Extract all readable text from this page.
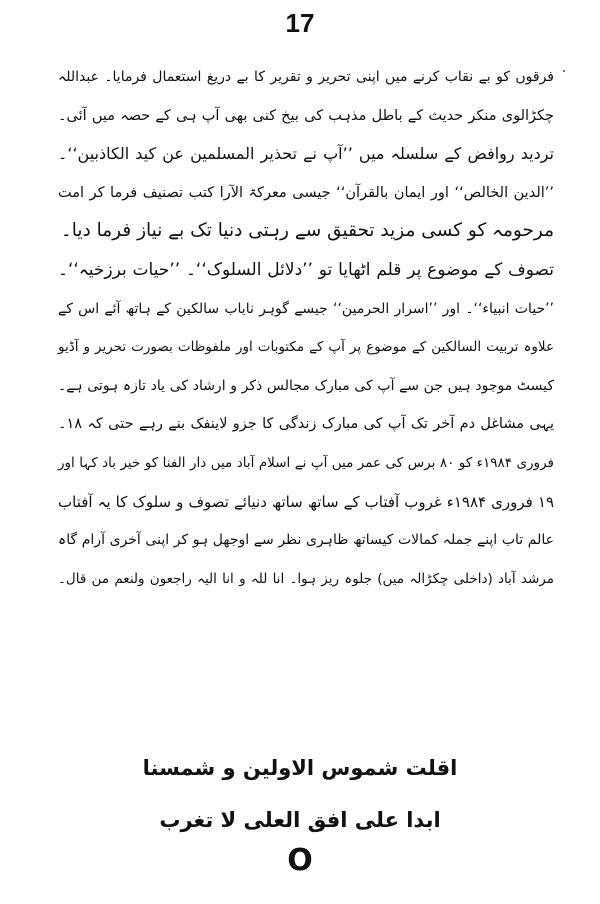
17
فرقوں کو بے نقاب کرنے میں اپنی تحریر و تقریر کا بے دریغ استعمال فرمایا۔ عبداللہ
چکڑالوی منکر حدیث کے باطل مذہب کی بیخ کنی بھی آپ ہی کے حصہ میں آئی۔
تردید روافض کے سلسلہ میں ’’آپ نے تحذیر المسلمین عن کید الکاذبین‘‘۔
’’الدین الخالص‘‘ اور ایمان بالقرآن‘‘ جیسی معرکۃ الآرا کتب تصنیف فرما کر امت
مرحومہ کو کسی مزید تحقیق سے رہتی دنیا تک بے نیاز فرما دیا۔
تصوف کے موضوع پر قلم اٹھایا تو ’’دلائل السلوک‘‘۔ ’’حیات برزخیہ‘‘۔
’’حیات انبیاء‘‘۔ اور ’’اسرار الحرمین‘‘ جیسے گوہر نایاب سالکین کے ہاتھ آئے اس کے
علاوہ تربیت السالکین کے موضوع پر آپ کے مکتوبات اور ملفوظات بصورت تحریر و آڈیو
کیسٹ موجود ہیں جن سے آپ کی مبارک مجالس ذکر و ارشاد کی یاد تازہ ہوتی ہے۔
یہی مشاغل دم آخر تک آپ کی مبارک زندگی کا جزو لاینفک بنے رہے حتی کہ ۱۸۔
فروری ۱۹۸۴ء کو ۸۰ برس کی عمر میں آپ نے اسلام آباد میں دار الفنا کو خیر باد کہا اور
۱۹ فروری ۱۹۸۴ء غروب آفتاب کے ساتھ ساتھ دنیائے تصوف و سلوک کا یہ آفتاب
عالم تاب اپنے جملہ کمالات کیساتھ ظاہری نظر سے اوجھل ہو کر اپنی آخری آرام گاہ
مرشد آباد (داخلی چکڑالہ میں) جلوہ ریز ہوا۔ انا للہ و انا الیہ راجعون ولنعم من قال۔
اقلت شموس الاولین و شمسنا
ابدا علی افق العلی لا تغرب
O
